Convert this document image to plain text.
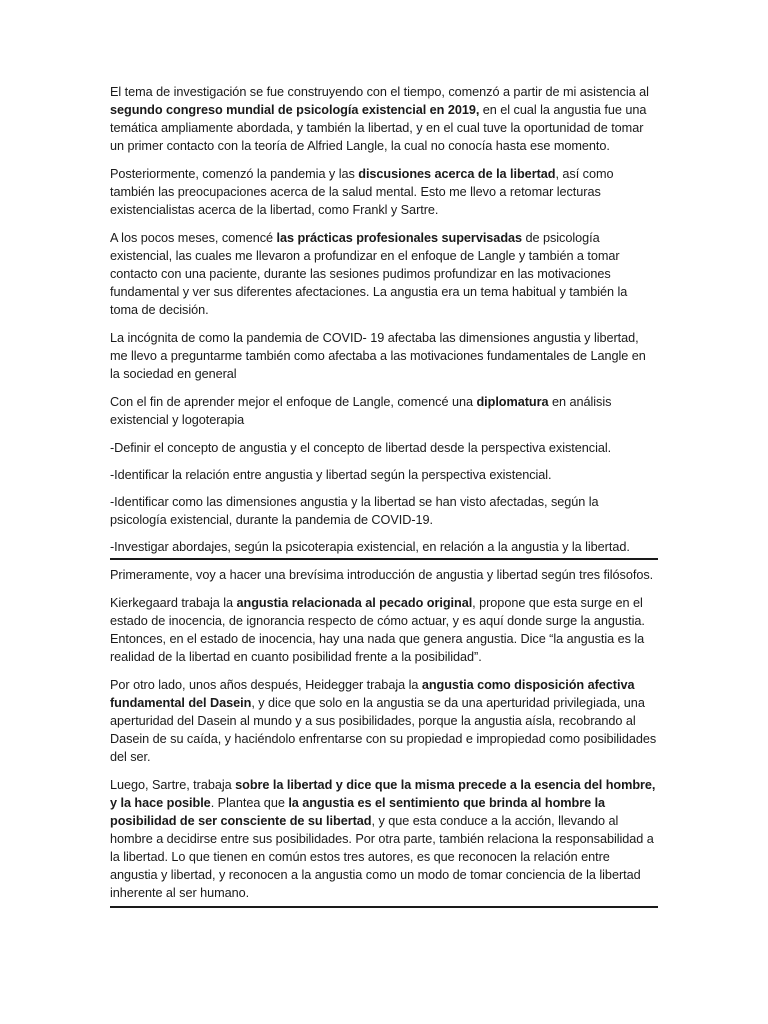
El tema de investigación se fue construyendo con el tiempo, comenzó a partir de mi asistencia al segundo congreso mundial de psicología existencial en 2019, en el cual la angustia fue una temática ampliamente abordada, y también la libertad, y en el cual tuve la oportunidad de tomar un primer contacto con la teoría de Alfried Langle, la cual no conocía hasta ese momento.

Posteriormente, comenzó la pandemia y las discusiones acerca de la libertad, así como también las preocupaciones acerca de la salud mental. Esto me llevo a retomar lecturas existencialistas acerca de la libertad, como Frankl y Sartre.

A los pocos meses, comencé las prácticas profesionales supervisadas de psicología existencial, las cuales me llevaron a profundizar en el enfoque de Langle y también a tomar contacto con una paciente, durante las sesiones pudimos profundizar en las motivaciones fundamental y ver sus diferentes afectaciones. La angustia era un tema habitual y también la toma de decisión.

La incógnita de como la pandemia de COVID- 19 afectaba las dimensiones angustia y libertad, me llevo a preguntarme también como afectaba a las motivaciones fundamentales de Langle en la sociedad en general

Con el fin de aprender mejor el enfoque de Langle, comencé una diplomatura en análisis existencial y logoterapia

-Definir el concepto de angustia y el concepto de libertad desde la perspectiva existencial.

-Identificar la relación entre angustia y libertad según la perspectiva existencial.

-Identificar como las dimensiones angustia y la libertad se han visto afectadas, según la psicología existencial, durante la pandemia de COVID-19.

-Investigar abordajes, según la psicoterapia existencial, en relación a la angustia y la libertad.

Primeramente, voy a hacer una brevísima introducción de angustia y libertad según tres filósofos.

Kierkegaard trabaja la angustia relacionada al pecado original, propone que esta surge en el estado de inocencia, de ignorancia respecto de cómo actuar, y es aquí donde surge la angustia. Entonces, en el estado de inocencia, hay una nada que genera angustia. Dice “la angustia es la realidad de la libertad en cuanto posibilidad frente a la posibilidad”.

Por otro lado, unos años después, Heidegger trabaja la angustia como disposición afectiva fundamental del Dasein, y dice que solo en la angustia se da una aperturidad privilegiada, una aperturidad del Dasein al mundo y a sus posibilidades, porque la angustia aísla, recobrando al Dasein de su caída, y haciéndolo enfrentarse con su propiedad e impropiedad como posibilidades del ser.

Luego, Sartre, trabaja sobre la libertad y dice que la misma precede a la esencia del hombre, y la hace posible. Plantea que la angustia es el sentimiento que brinda al hombre la posibilidad de ser consciente de su libertad, y que esta conduce a la acción, llevando al hombre a decidirse entre sus posibilidades. Por otra parte, también relaciona la responsabilidad a la libertad. Lo que tienen en común estos tres autores, es que reconocen la relación entre angustia y libertad, y reconocen a la angustia como un modo de tomar conciencia de la libertad inherente al ser humano.
